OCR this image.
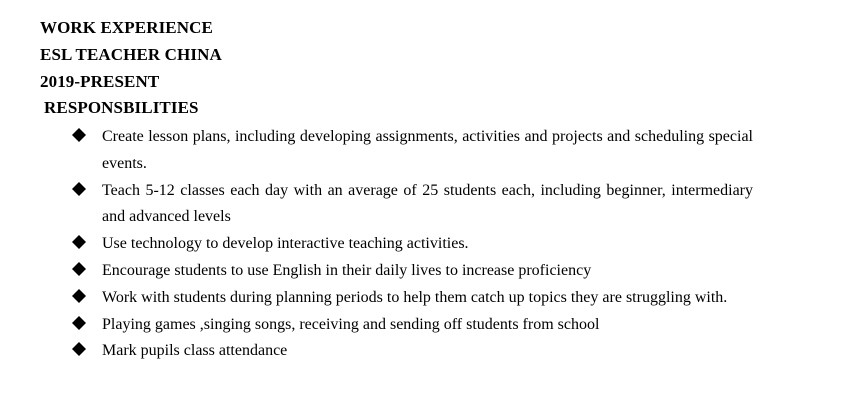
WORK EXPERIENCE
ESL TEACHER CHINA
2019-PRESENT
RESPONSBILITIES
Create lesson plans, including developing assignments, activities and projects and scheduling special events.
Teach 5-12 classes each day with an average of 25 students each, including beginner, intermediary and advanced levels
Use technology to develop interactive teaching activities.
Encourage students to use English in their daily lives to increase proficiency
Work with students during planning periods to help them catch up topics they are struggling with.
Playing games ,singing songs, receiving and sending off students from school
Mark pupils class attendance
